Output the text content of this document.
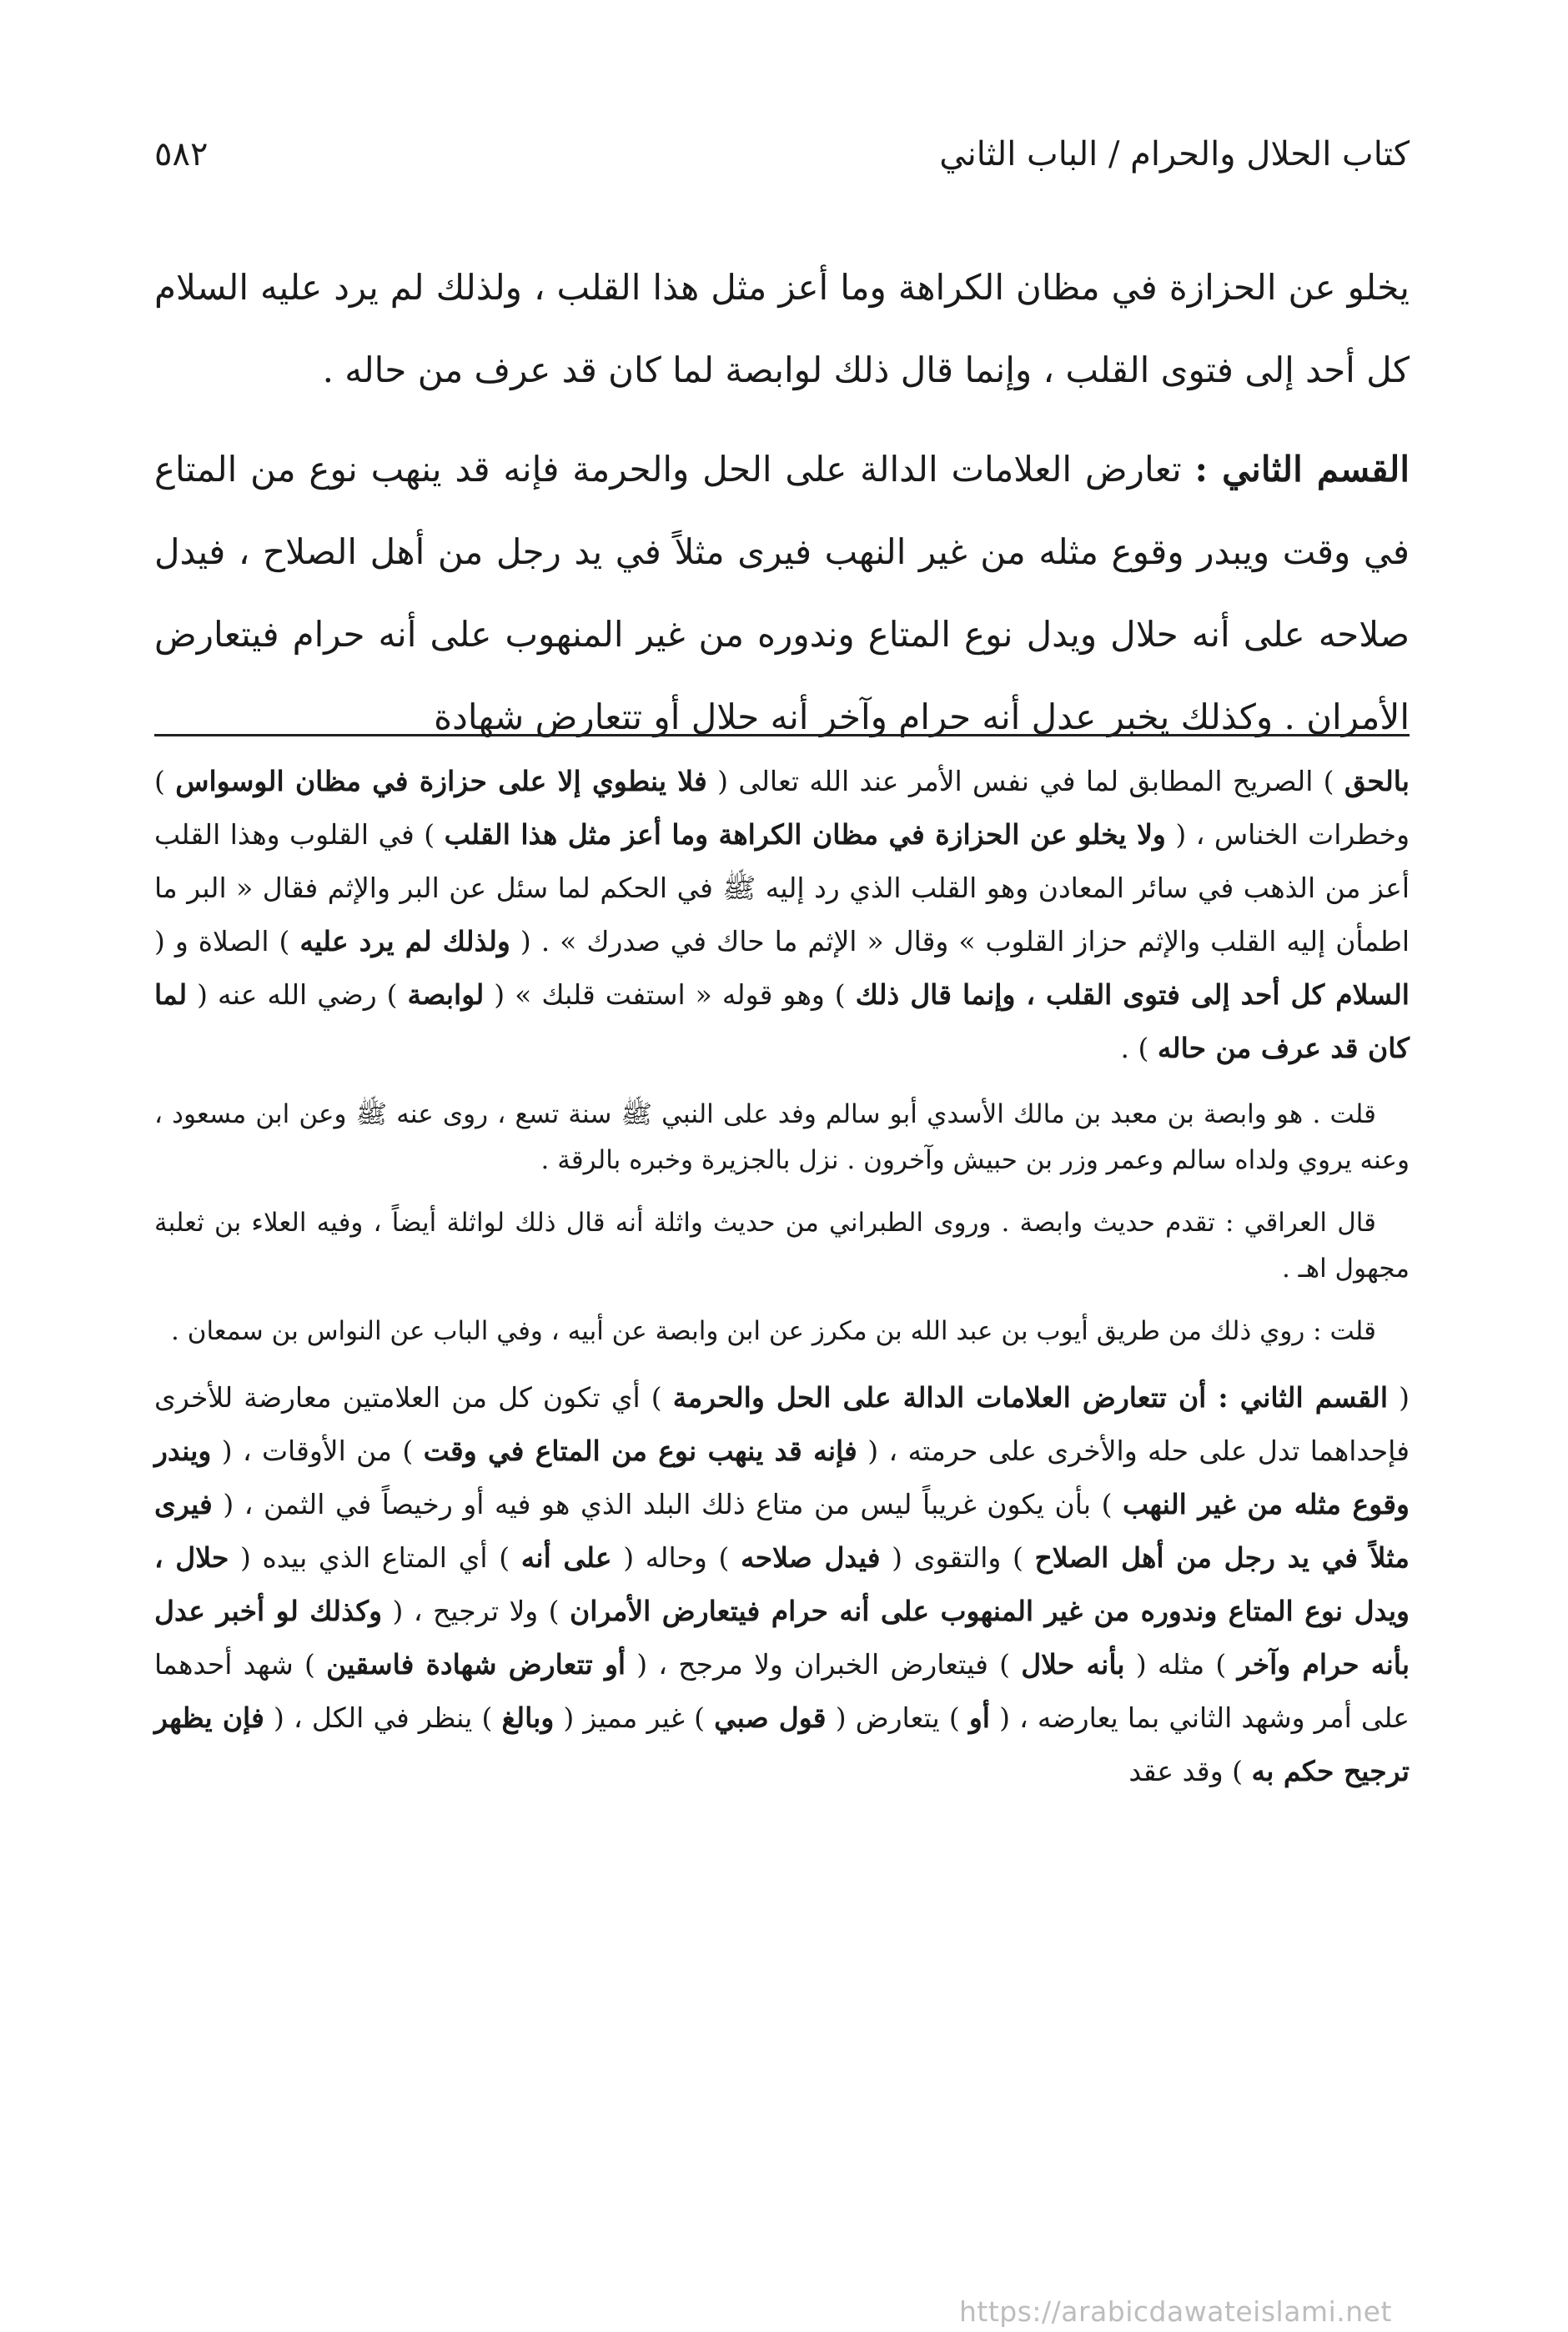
كتاب الحلال والحرام / الباب الثاني
٥٨٢

يخلو عن الحزازة في مظان الكراهة وما أعز مثل هذا القلب ، ولذلك لم يرد عليه السلام كل أحد إلى فتوى القلب ، وإنما قال ذلك لوابصة لما كان قد عرف من حاله .

القسم الثاني : تعارض العلامات الدالة على الحل والحرمة فإنه قد ينهب نوع من المتاع في وقت ويبدر وقوع مثله من غير النهب فيرى مثلاً في يد رجل من أهل الصلاح ، فيدل صلاحه على أنه حلال ويدل نوع المتاع وندوره من غير المنهوب على أنه حرام فيتعارض الأمران . وكذلك يخبر عدل أنه حرام وآخر أنه حلال أو تتعارض شهادة

بالحق ) الصريح المطابق لما في نفس الأمر عند الله تعالى ( فلا ينطوي إلا على حزازة في مظان الوسواس ) وخطرات الخناس ، ( ولا يخلو عن الحزازة في مظان الكراهة وما أعز مثل هذا القلب ) في القلوب وهذا القلب أعز من الذهب في سائر المعادن وهو القلب الذي رد إليه ﷺ في الحكم لما سئل عن البر والإثم فقال « البر ما اطمأن إليه القلب والإثم حزاز القلوب » وقال « الإثم ما حاك في صدرك » . ( ولذلك لم يرد عليه ) الصلاة و ( السلام كل أحد إلى فتوى القلب ، وإنما قال ذلك ) وهو قوله « استفت قلبك » ( لوابصة ) رضي الله عنه ( لما كان قد عرف من حاله ) .

قلت . هو وابصة بن معبد بن مالك الأسدي أبو سالم وفد على النبي ﷺ سنة تسع ، روى عنه ﷺ وعن ابن مسعود ، وعنه يروي ولداه سالم وعمر وزر بن حبيش وآخرون . نزل بالجزيرة وخبره بالرقة .

قال العراقي : تقدم حديث وابصة . وروى الطبراني من حديث واثلة أنه قال ذلك لواثلة أيضاً ، وفيه العلاء بن ثعلبة مجهول اهـ .

قلت : روي ذلك من طريق أيوب بن عبد الله بن مكرز عن ابن وابصة عن أبيه ، وفي الباب عن النواس بن سمعان .

( القسم الثاني : أن تتعارض العلامات الدالة على الحل والحرمة ) أي تكون كل من العلامتين معارضة للأخرى فإحداهما تدل على حله والأخرى على حرمته ، ( فإنه قد ينهب نوع من المتاع في وقت ) من الأوقات ، ( ويندر وقوع مثله من غير النهب ) بأن يكون غريباً ليس من متاع ذلك البلد الذي هو فيه أو رخيصاً في الثمن ، ( فيرى مثلاً في يد رجل من أهل الصلاح ) والتقوى ( فيدل صلاحه ) وحاله ( على أنه ) أي المتاع الذي بيده ( حلال ، ويدل نوع المتاع وندوره من غير المنهوب على أنه حرام فيتعارض الأمران ) ولا ترجيح ، ( وكذلك لو أخبر عدل بأنه حرام وآخر ) مثله ( بأنه حلال ) فيتعارض الخبران ولا مرجح ، ( أو تتعارض شهادة فاسقين ) شهد أحدهما على أمر وشهد الثاني بما يعارضه ، ( أو ) يتعارض ( قول صبي ) غير مميز ( وبالغ ) ينظر في الكل ، ( فإن يظهر ترجيح حكم به ) وقد عقد

https://arabicdawateislami.net
